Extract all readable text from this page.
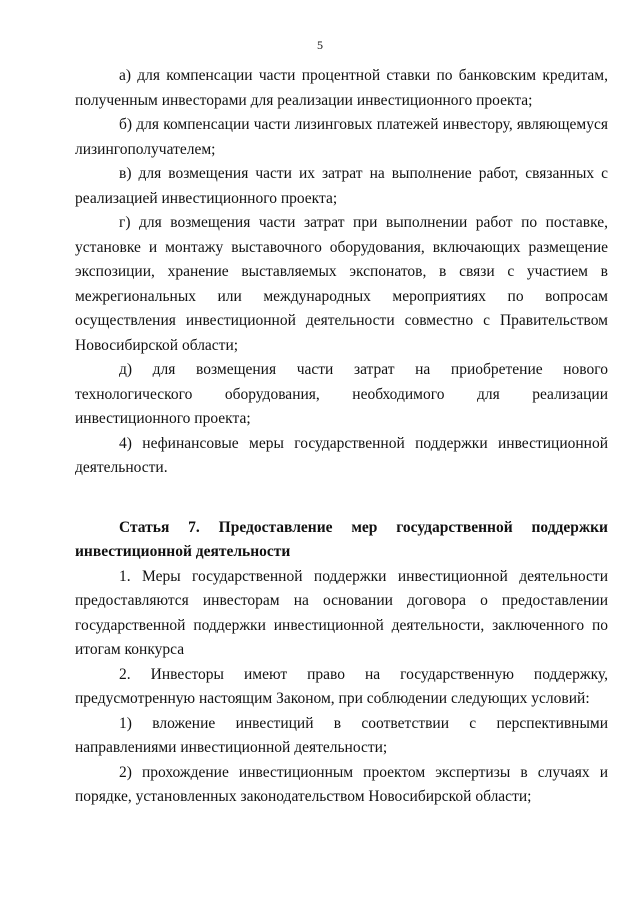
5

а) для компенсации части процентной ставки по банковским кредитам, полученным инвесторами для реализации инвестиционного проекта;

б) для компенсации части лизинговых платежей инвестору, являющемуся лизингополучателем;

в) для возмещения части их затрат на выполнение работ, связанных с реализацией инвестиционного проекта;

г) для возмещения части затрат при выполнении работ по поставке, установке и монтажу выставочного оборудования, включающих размещение экспозиции, хранение выставляемых экспонатов, в связи с участием в межрегиональных или международных мероприятиях по вопросам осуществления инвестиционной деятельности совместно с Правительством Новосибирской области;

д) для возмещения части затрат на приобретение нового технологического оборудования, необходимого для реализации инвестиционного проекта;

4) нефинансовые меры государственной поддержки инвестиционной деятельности.

Статья 7. Предоставление мер государственной поддержки инвестиционной деятельности

1. Меры государственной поддержки инвестиционной деятельности предоставляются инвесторам на основании договора о предоставлении государственной поддержки инвестиционной деятельности, заключенного по итогам конкурса

2. Инвесторы имеют право на государственную поддержку, предусмотренную настоящим Законом, при соблюдении следующих условий:

1) вложение инвестиций в соответствии с перспективными направлениями инвестиционной деятельности;

2) прохождение инвестиционным проектом экспертизы в случаях и порядке, установленных законодательством Новосибирской области;
